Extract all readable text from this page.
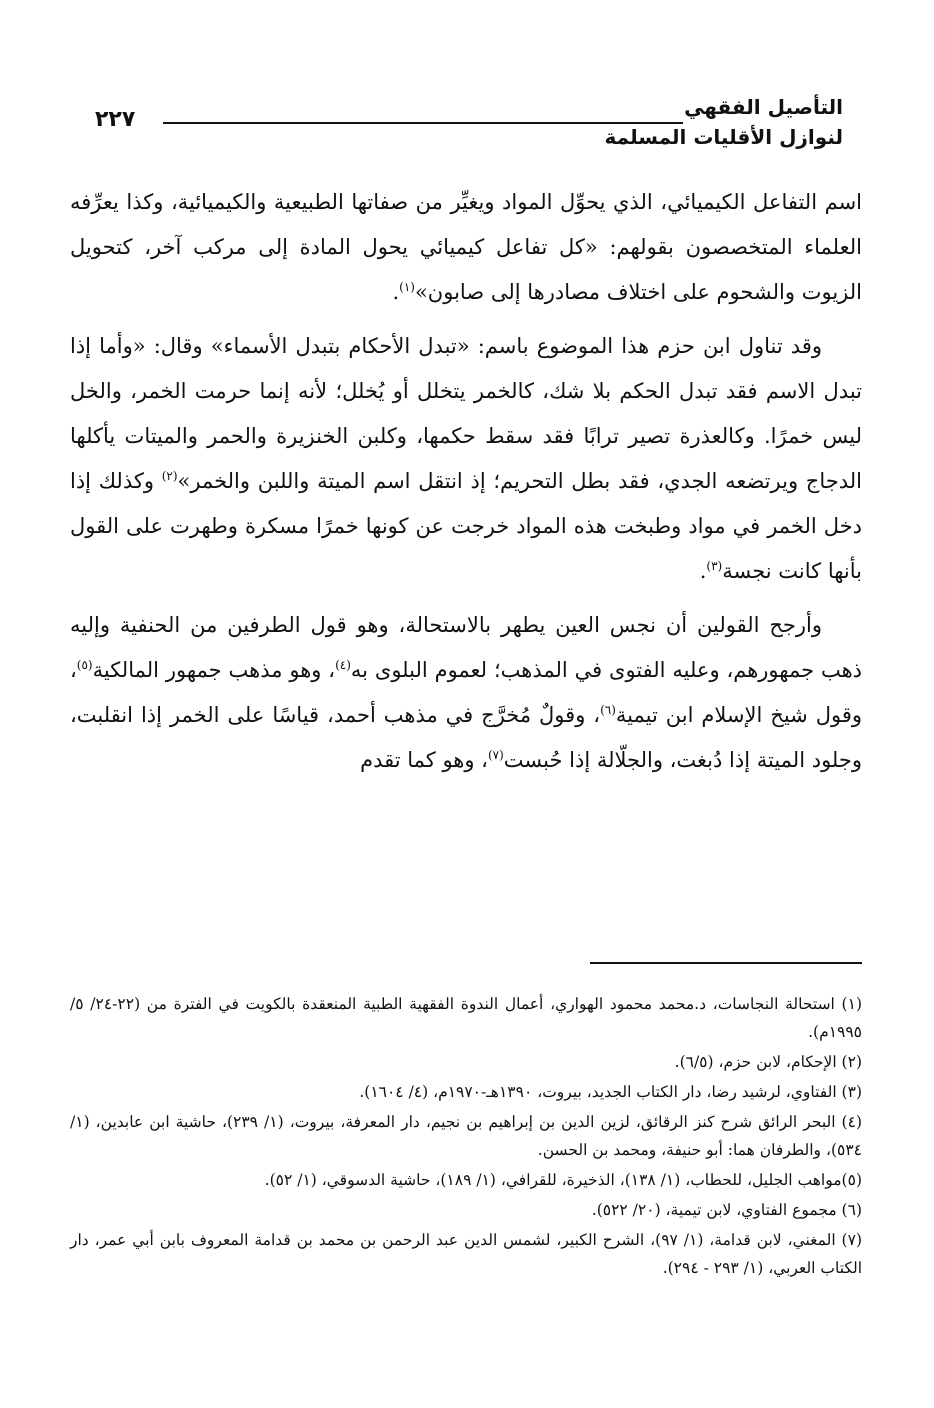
التأصيل الفقهي
لنوازل الأقليات المسلمة
٢٢٧

اسم التفاعل الكيميائي، الذي يحوِّل المواد ويغيِّر من صفاتها الطبيعية والكيميائية، وكذا يعرِّفه العلماء المتخصصون بقولهم: «كل تفاعل كيميائي يحول المادة إلى مركب آخر، كتحويل الزيوت والشحوم على اختلاف مصادرها إلى صابون»$^{(١)}$.

وقد تناول ابن حزم هذا الموضوع باسم: «تبدل الأحكام بتبدل الأسماء» وقال: «وأما إذا تبدل الاسم فقد تبدل الحكم بلا شك، كالخمر يتخلل أو يُخلل؛ لأنه إنما حرمت الخمر، والخل ليس خمرًا. وكالعذرة تصير ترابًا فقد سقط حكمها، وكلبن الخنزيرة والحمر والميتات يأكلها الدجاج ويرتضعه الجدي، فقد بطل التحريم؛ إذ انتقل اسم الميتة واللبن والخمر»$^{(٢)}$ وكذلك إذا دخل الخمر في مواد وطبخت هذه المواد خرجت عن كونها خمرًا مسكرة وطهرت على القول بأنها كانت نجسة$^{(٣)}$.

وأرجح القولين أن نجس العين يطهر بالاستحالة، وهو قول الطرفين من الحنفية وإليه ذهب جمهورهم، وعليه الفتوى في المذهب؛ لعموم البلوى به$^{(٤)}$، وهو مذهب جمهور المالكية$^{(٥)}$، وقول شيخ الإسلام ابن تيمية$^{(٦)}$، وقولٌ مُخرَّج في مذهب أحمد، قياسًا على الخمر إذا انقلبت، وجلود الميتة إذا دُبغت، والجلّالة إذا حُبست$^{(٧)}$، وهو كما تقدم

(١) استحالة النجاسات، د.محمد محمود الهواري، أعمال الندوة الفقهية الطبية المنعقدة بالكويت في الفترة من (٢٢-٢٤/ ٥/ ١٩٩٥م).

(٢) الإحكام، لابن حزم، (٦/٥).

(٣) الفتاوي، لرشيد رضا، دار الكتاب الجديد، بيروت، ١٣٩٠هـ-١٩٧٠م، (٤/ ١٦٠٤).

(٤) البحر الرائق شرح كنز الرقائق، لزين الدين بن إبراهيم بن نجيم، دار المعرفة، بيروت، (١/ ٢٣٩)، حاشية ابن عابدين، (١/ ٥٣٤)، والطرفان هما: أبو حنيفة، ومحمد بن الحسن.

(٥)مواهب الجليل، للحطاب، (١/ ١٣٨)، الذخيرة، للقرافي، (١/ ١٨٩)، حاشية الدسوقي، (١/ ٥٢).

(٦) مجموع الفتاوي، لابن تيمية، (٢٠/ ٥٢٢).

(٧) المغني، لابن قدامة، (١/ ٩٧)، الشرح الكبير، لشمس الدين عبد الرحمن بن محمد بن قدامة المعروف بابن أبي عمر، دار الكتاب العربي، (١/ ٢٩٣ - ٢٩٤).
